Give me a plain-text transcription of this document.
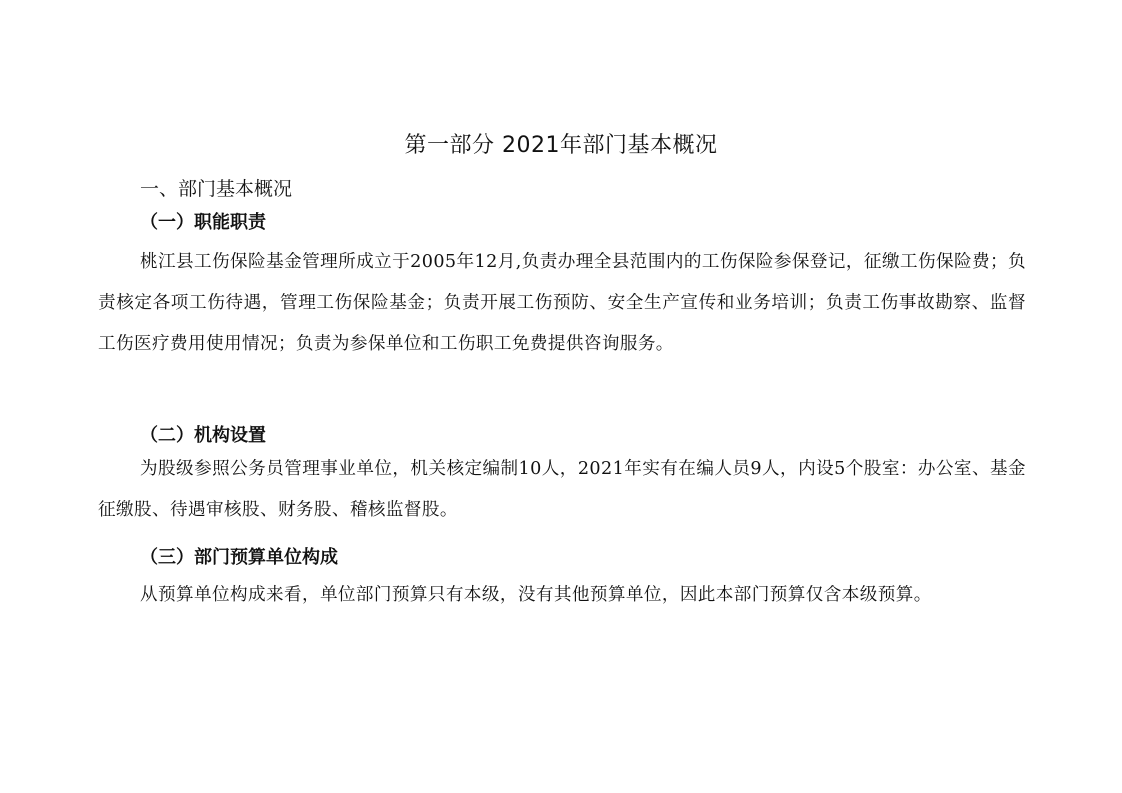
第一部分 2021年部门基本概况
一、部门基本概况
（一）职能职责
桃江县工伤保险基金管理所成立于2005年12月,负责办理全县范围内的工伤保险参保登记，征缴工伤保险费；负责核定各项工伤待遇，管理工伤保险基金；负责开展工伤预防、安全生产宣传和业务培训；负责工伤事故勘察、监督工伤医疗费用使用情况；负责为参保单位和工伤职工免费提供咨询服务。
（二）机构设置
为股级参照公务员管理事业单位，机关核定编制10人，2021年实有在编人员9人，内设5个股室：办公室、基金征缴股、待遇审核股、财务股、稽核监督股。
（三）部门预算单位构成
从预算单位构成来看，单位部门预算只有本级，没有其他预算单位，因此本部门预算仅含本级预算。
